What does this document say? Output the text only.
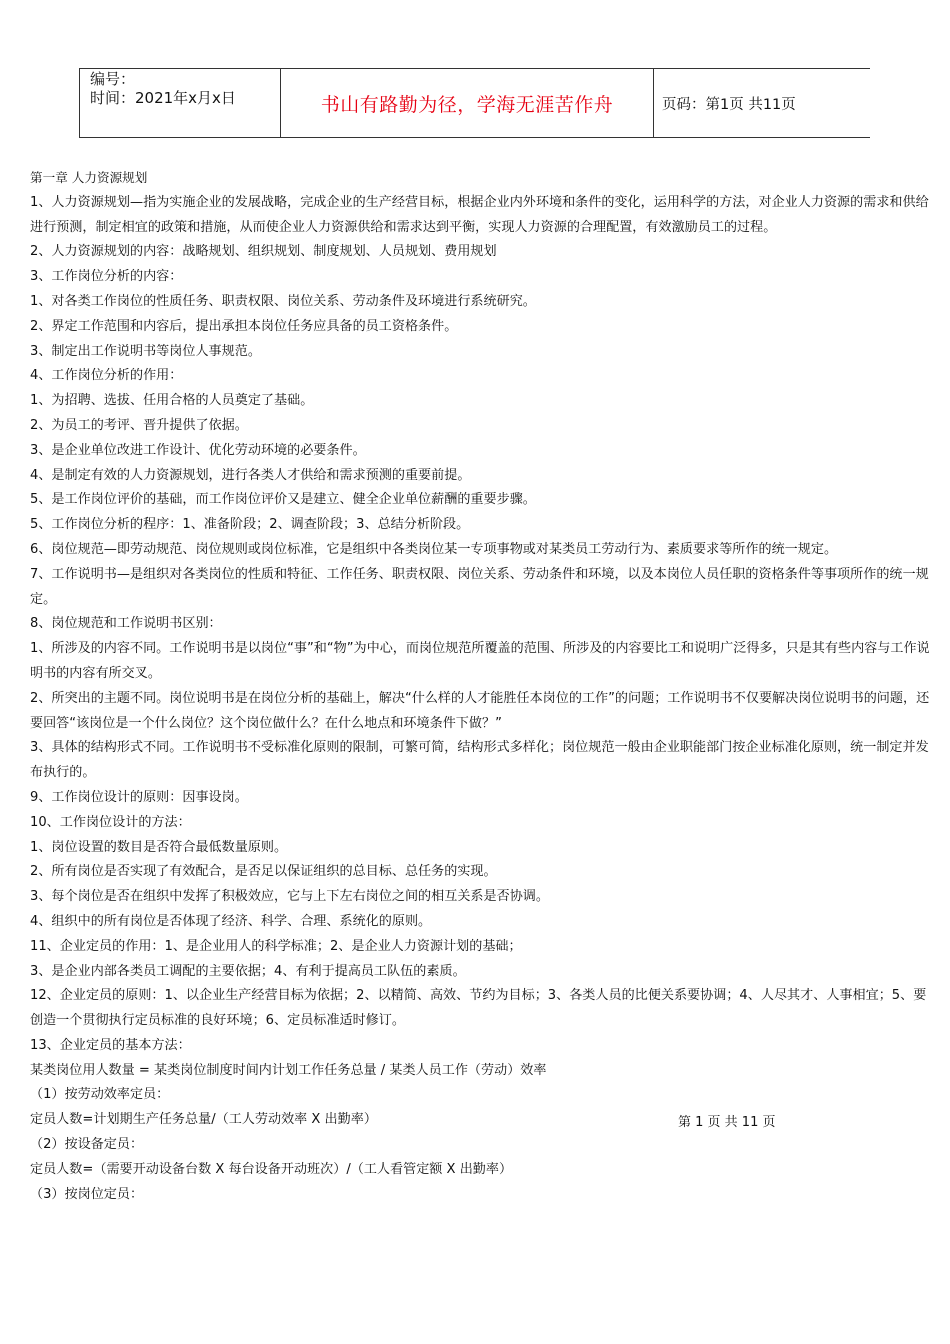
编号：
时间：2021年x月x日	书山有路勤为径，学海无涯苦作舟	页码：第1页 共11页

第一章 人力资源规划

1、人力资源规划—指为实施企业的发展战略，完成企业的生产经营目标，根据企业内外环境和条件的变化，运用科学的方法，对企业人力资源的需求和供给进行预测，制定相宜的政策和措施，从而使企业人力资源供给和需求达到平衡，实现人力资源的合理配置，有效激励员工的过程。

2、人力资源规划的内容：战略规划、组织规划、制度规划、人员规划、费用规划

3、工作岗位分析的内容：

1、对各类工作岗位的性质任务、职责权限、岗位关系、劳动条件及环境进行系统研究。

2、界定工作范围和内容后，提出承担本岗位任务应具备的员工资格条件。

3、制定出工作说明书等岗位人事规范。

4、工作岗位分析的作用：

1、为招聘、选拔、任用合格的人员奠定了基础。

2、为员工的考评、晋升提供了依据。

3、是企业单位改进工作设计、优化劳动环境的必要条件。

4、是制定有效的人力资源规划，进行各类人才供给和需求预测的重要前提。

5、是工作岗位评价的基础，而工作岗位评价又是建立、健全企业单位薪酬的重要步骤。

5、工作岗位分析的程序：1、准备阶段；2、调查阶段；3、总结分析阶段。

6、岗位规范—即劳动规范、岗位规则或岗位标准，它是组织中各类岗位某一专项事物或对某类员工劳动行为、素质要求等所作的统一规定。

7、工作说明书—是组织对各类岗位的性质和特征、工作任务、职责权限、岗位关系、劳动条件和环境，以及本岗位人员任职的资格条件等事项所作的统一规定。

8、岗位规范和工作说明书区别：

1、所涉及的内容不同。工作说明书是以岗位“事”和“物”为中心，而岗位规范所覆盖的范围、所涉及的内容要比工和说明广泛得多，只是其有些内容与工作说明书的内容有所交叉。

2、所突出的主题不同。岗位说明书是在岗位分析的基础上，解决“什么样的人才能胜任本岗位的工作”的问题；工作说明书不仅要解决岗位说明书的问题，还要回答“该岗位是一个什么岗位？这个岗位做什么？在什么地点和环境条件下做？”

3、具体的结构形式不同。工作说明书不受标准化原则的限制，可繁可简，结构形式多样化；岗位规范一般由企业职能部门按企业标准化原则，统一制定并发布执行的。

9、工作岗位设计的原则：因事设岗。

10、工作岗位设计的方法：

1、岗位设置的数目是否符合最低数量原则。

2、所有岗位是否实现了有效配合，是否足以保证组织的总目标、总任务的实现。

3、每个岗位是否在组织中发挥了积极效应，它与上下左右岗位之间的相互关系是否协调。

4、组织中的所有岗位是否体现了经济、科学、合理、系统化的原则。

11、企业定员的作用：1、是企业用人的科学标准；2、是企业人力资源计划的基础；

3、是企业内部各类员工调配的主要依据；4、有利于提高员工队伍的素质。

12、企业定员的原则：1、以企业生产经营目标为依据；2、以精简、高效、节约为目标；3、各类人员的比便关系要协调；4、人尽其才、人事相宜；5、要创造一个贯彻执行定员标准的良好环境；6、定员标准适时修订。

13、企业定员的基本方法：

某类岗位用人数量 = 某类岗位制度时间内计划工作任务总量 / 某类人员工作（劳动）效率

（1）按劳动效率定员：

定员人数=计划期生产任务总量/（工人劳动效率 X 出勤率）

（2）按设备定员：

定员人数=（需要开动设备台数 X 每台设备开动班次）/（工人看管定额 X 出勤率）

（3）按岗位定员：

第 1 页 共 11 页
